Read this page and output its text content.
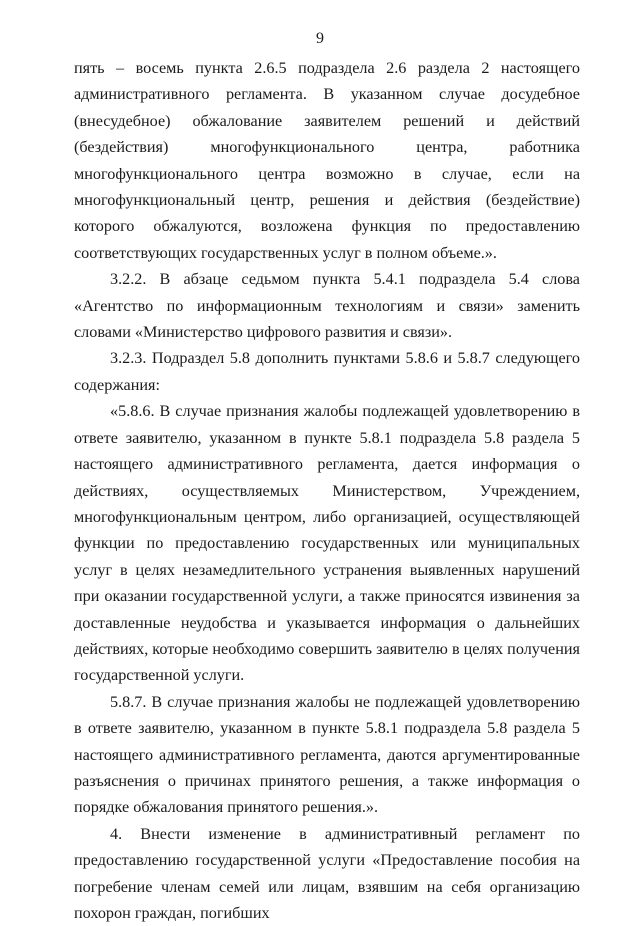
9

пять – восемь пункта 2.6.5 подраздела 2.6 раздела 2 настоящего административного регламента. В указанном случае досудебное (внесудебное) обжалование заявителем решений и действий (бездействия) многофункционального центра, работника многофункционального центра возможно в случае, если на многофункциональный центр, решения и действия (бездействие) которого обжалуются, возложена функция по предоставлению соответствующих государственных услуг в полном объеме.».

3.2.2. В абзаце седьмом пункта 5.4.1 подраздела 5.4 слова «Агентство по информационным технологиям и связи» заменить словами «Министерство цифрового развития и связи».

3.2.3. Подраздел 5.8 дополнить пунктами 5.8.6 и 5.8.7 следующего содержания:

«5.8.6. В случае признания жалобы подлежащей удовлетворению в ответе заявителю, указанном в пункте 5.8.1 подраздела 5.8 раздела 5 настоящего административного регламента, дается информация о действиях, осуществляемых Министерством, Учреждением, многофункциональным центром, либо организацией, осуществляющей функции по предоставлению государственных или муниципальных услуг в целях незамедлительного устранения выявленных нарушений при оказании государственной услуги, а также приносятся извинения за доставленные неудобства и указывается информация о дальнейших действиях, которые необходимо совершить заявителю в целях получения государственной услуги.

5.8.7. В случае признания жалобы не подлежащей удовлетворению в ответе заявителю, указанном в пункте 5.8.1 подраздела 5.8 раздела 5 настоящего административного регламента, даются аргументированные разъяснения о причинах принятого решения, а также информация о порядке обжалования принятого решения.».

4. Внести изменение в административный регламент по предоставлению государственной услуги «Предоставление пособия на погребение членам семей или лицам, взявшим на себя организацию похорон граждан, погибших
